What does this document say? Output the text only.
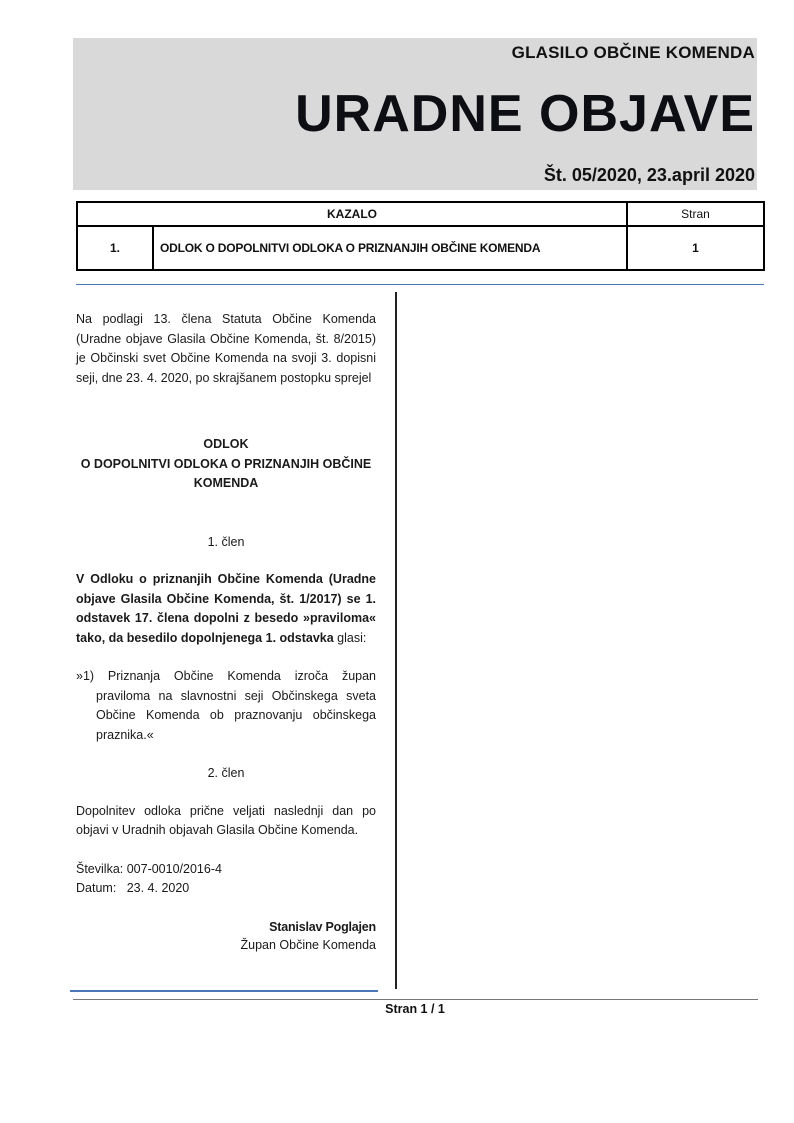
GLASILO OBČINE KOMENDA
URADNE OBJAVE
Št. 05/2020, 23.april 2020
KAZALO		Stran
1.	ODLOK O DOPOLNITVI ODLOKA O PRIZNANJIH OBČINE KOMENDA	1

Na podlagi 13. člena Statuta Občine Komenda (Uradne objave Glasila Občine Komenda, št. 8/2015) je Občinski svet Občine Komenda na svoji 3. dopisni seji, dne 23. 4. 2020, po skrajšanem postopku sprejel

ODLOK
O DOPOLNITVI ODLOKA O PRIZNANJIH OBČINE
KOMENDA

1. člen

V Odloku o priznanjih Občine Komenda (Uradne objave Glasila Občine Komenda, št. 1/2017) se 1. odstavek 17. člena dopolni z besedo »praviloma« tako, da besedilo dopolnjenega 1. odstavka glasi:

»1) Priznanja Občine Komenda izroča župan praviloma na slavnostni seji Občinskega sveta Občine Komenda ob praznovanju občinskega praznika.«

2. člen

Dopolnitev odloka prične veljati naslednji dan po objavi v Uradnih objavah Glasila Občine Komenda.

Številka: 007-0010/2016-4

Datum:   23. 4. 2020

Stanislav Poglajen

Župan Občine Komenda

Stran 1 / 1
